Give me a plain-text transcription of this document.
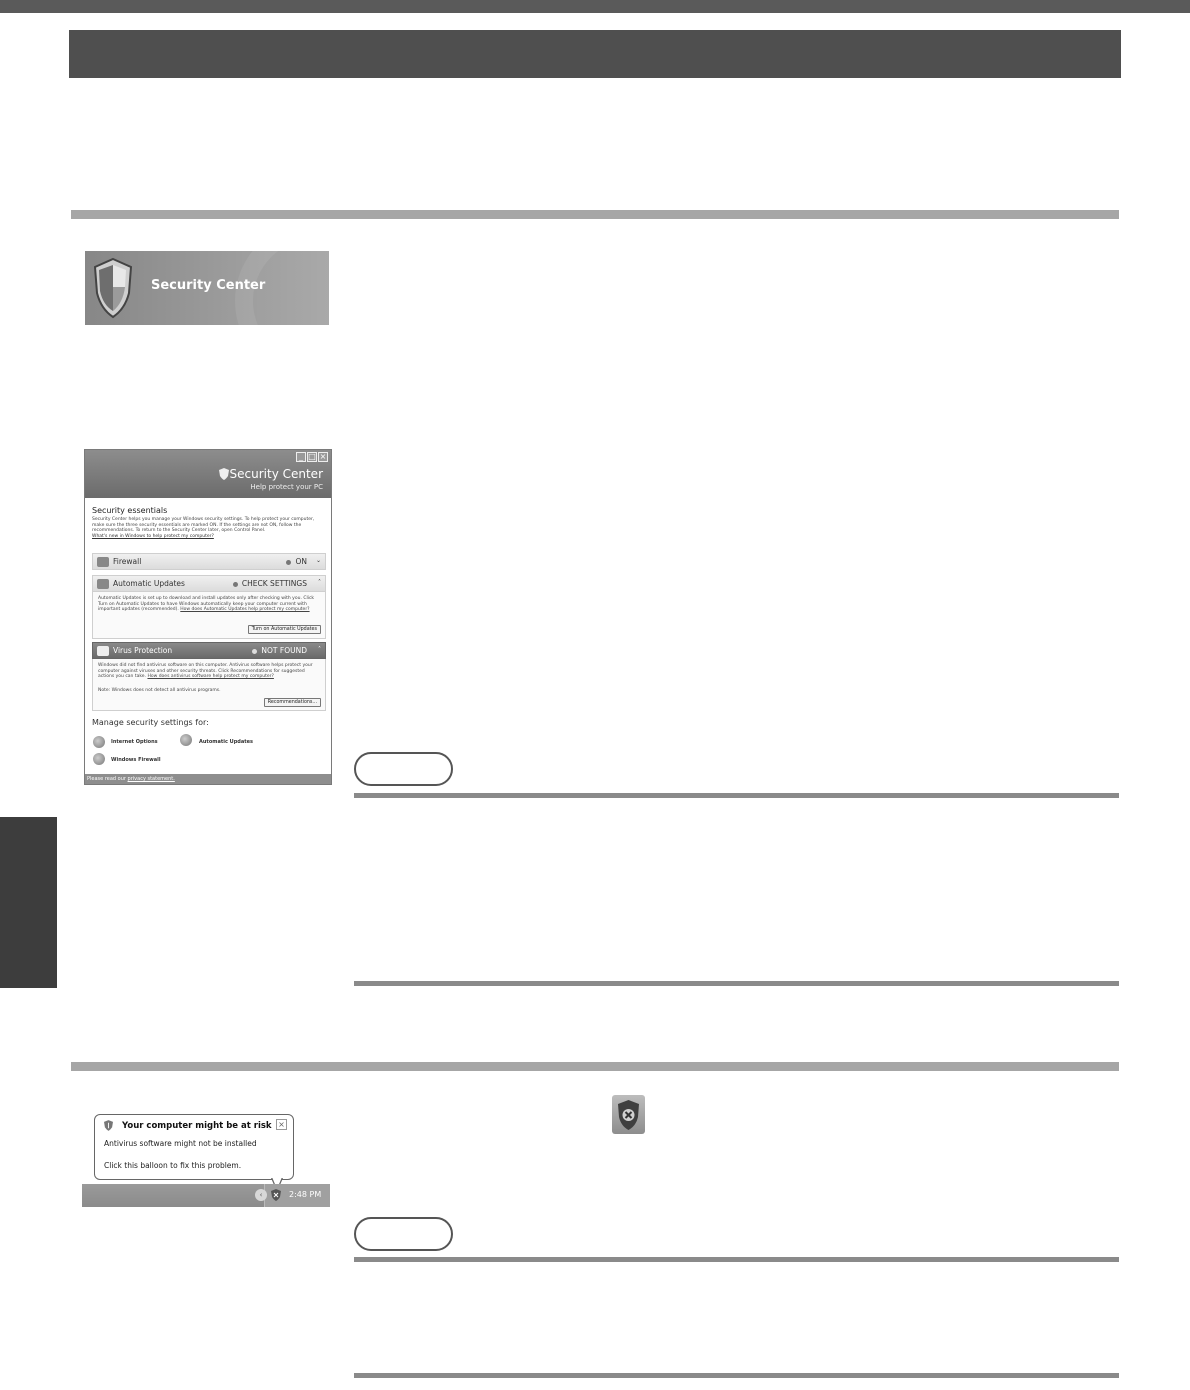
Security Center
_ □ ×
Security Center
Help protect your PC
Security essentials
Security Center helps you manage your Windows security settings. To help protect your computer, make sure the three security essentials are marked ON. If the settings are not ON, follow the recommendations. To return to the Security Center later, open Control Panel.
What's new in Windows to help protect my computer?
Firewall	ON ⌄
Automatic Updates	CHECK SETTINGS ˄

Automatic Updates is set up to download and install updates only after checking with you. Click Turn on Automatic Updates to have Windows automatically keep your computer current with important updates (recommended). How does Automatic Updates help protect my computer?

Turn on Automatic Updates
Virus Protection	NOT FOUND ˄

Windows did not find antivirus software on this computer. Antivirus software helps protect your computer against viruses and other security threats. Click Recommendations for suggested actions you can take. How does antivirus software help protect my computer?

Note: Windows does not detect all antivirus programs.

Recommendations...
Manage security settings for:
Internet Options	Automatic Updates
Windows Firewall
Please read our privacy statement.
Your computer might be at risk ×
Antivirus software might not be installed
Click this balloon to fix this problem.
‹	2:48 PM
